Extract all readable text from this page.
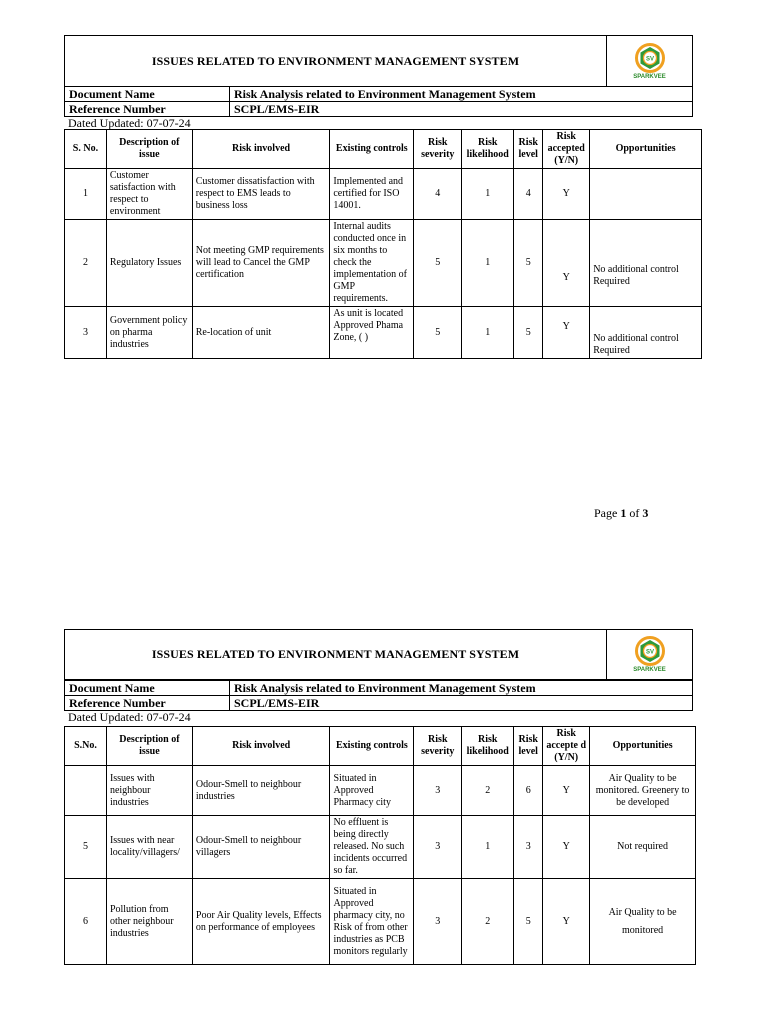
ISSUES RELATED TO ENVIRONMENT MANAGEMENT SYSTEM	SV
SPARKVEE
Document Name	Risk Analysis related to Environment Management System
Reference Number	SCPL/EMS-EIR
Dated Updated: 07-07-24
S. No.	Description of issue	Risk involved	Existing controls	Risk severity	Risk likelihood	Risk level	Risk accepted (Y/N)	Opportunities
1	Customer satisfaction with respect to environment	Customer dissatisfaction with respect to EMS leads to business loss	Implemented and certified for ISO 14001.	4	1	4	Y	
2	Regulatory Issues	Not meeting GMP requirements will lead to Cancel the GMP certification	Internal audits conducted once in six months to check the implementation of GMP requirements.	5	1	5	Y	No additional control Required
3	Government policy on pharma industries	Re-location of unit	As unit is located Approved Phama Zone, ( )	5	1	5	Y	No additional control Required
Page 1 of 3
ISSUES RELATED TO ENVIRONMENT MANAGEMENT SYSTEM	SV
SPARKVEE
Document Name	Risk Analysis related to Environment Management System
Reference Number	SCPL/EMS-EIR
Dated Updated: 07-07-24
S.No.	Description of issue	Risk involved	Existing controls	Risk severity	Risk likelihood	Risk level	Risk accepte d (Y/N)	Opportunities
	Issues with neighbour industries	Odour-Smell to neighbour industries	Situated in Approved Pharmacy city	3	2	6	Y	Air Quality to be monitored. Greenery to be developed
5	Issues with near locality/villagers/	Odour-Smell to neighbour villagers	No effluent is being directly released. No such incidents occurred so far.	3	1	3	Y	Not required
6	Pollution from other neighbour industries	Poor Air Quality levels, Effects on performance of employees	Situated in Approved pharmacy city, no Risk of from other industries as PCB monitors regularly	3	2	5	Y	Air Quality to be monitored
